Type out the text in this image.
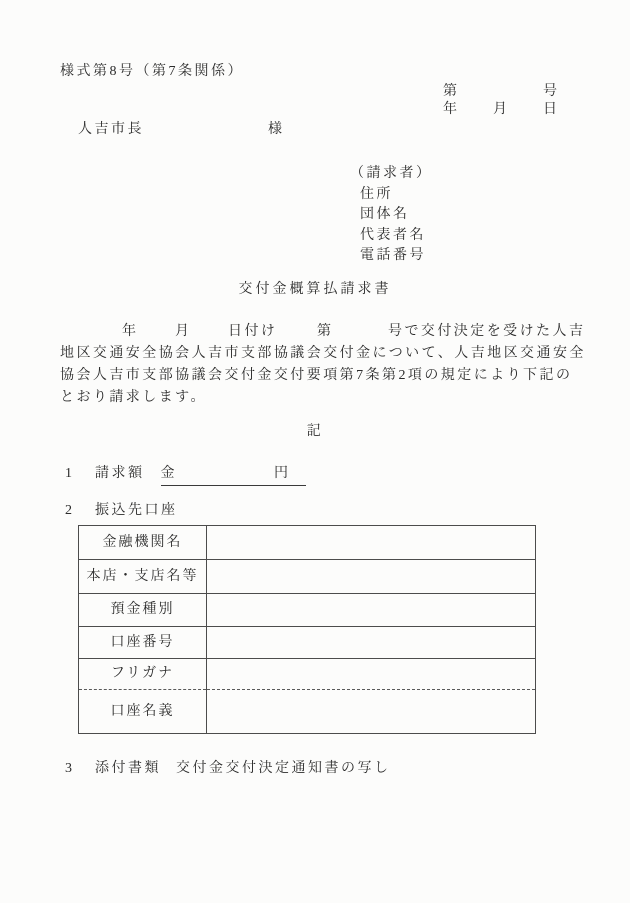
様式第8号（第7条関係）
第	号
年 月 日
人吉市長	様
（請求者）
住所
団体名
代表者名
電話番号
交付金概算払請求書
年	月	日付け	第	号で交付決定を受けた人吉
地区交通安全協会人吉市支部協議会交付金について、人吉地区交通安全
協会人吉市支部協議会交付金交付要項第7条第2項の規定により下記の
とおり請求します。
記
1 請求額 金	円
2 振込先口座
金融機関名	
本店・支店名等	
預金種別	
口座番号	
フリガナ	
口座名義	
3 添付書類 交付金交付決定通知書の写し
